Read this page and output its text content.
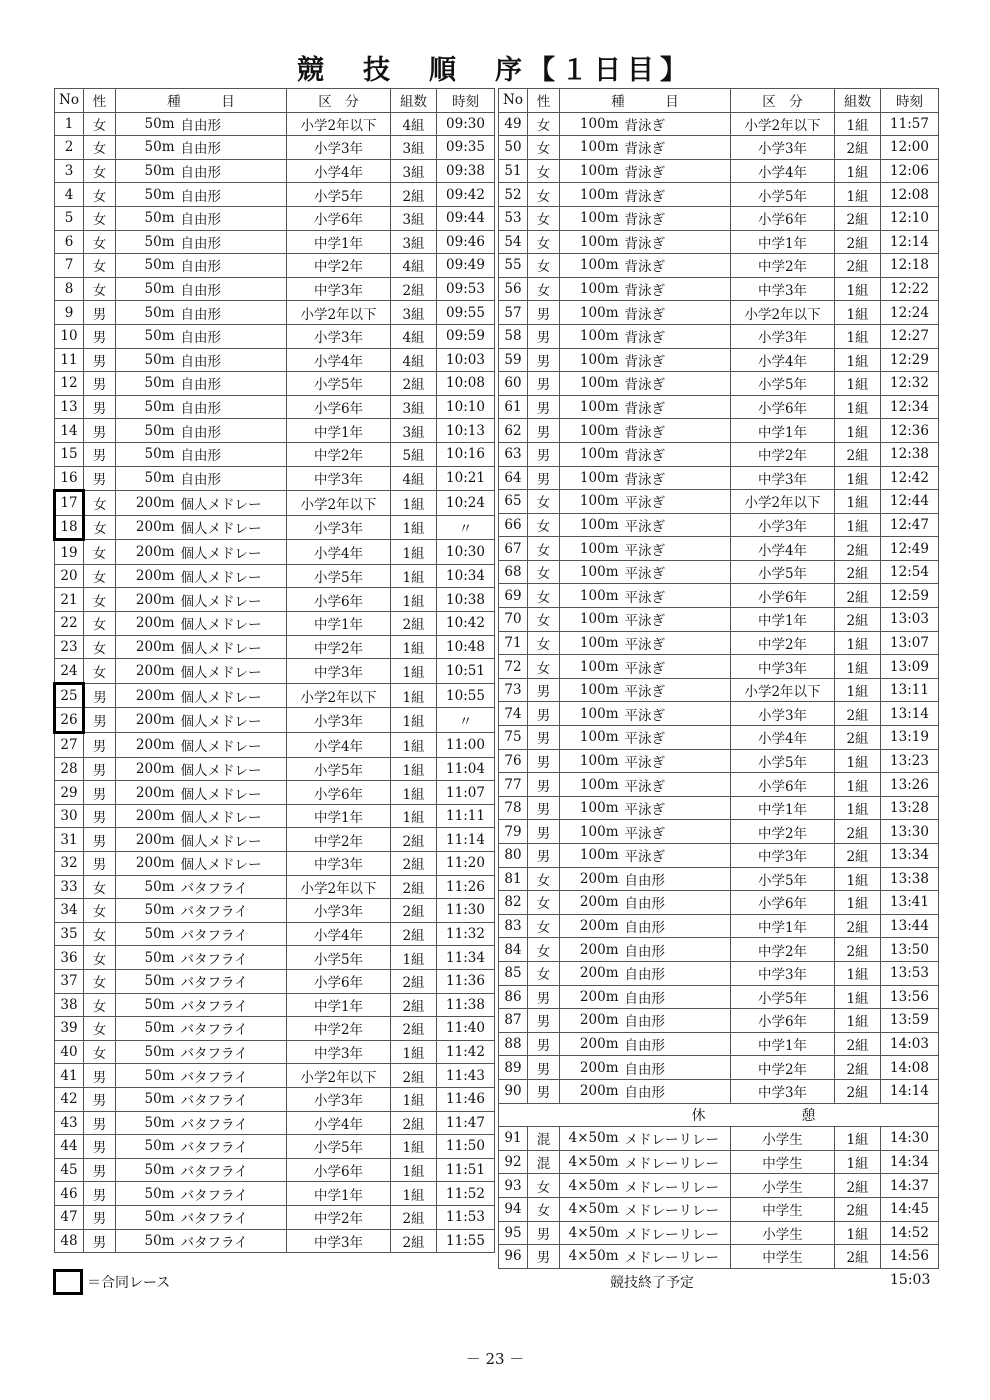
競　技　順　序【１日目】
No	性	種　　　目		区　分	組数	時刻
1	女	50m	自由形	小学2年以下	4組	09:30
2	女	50m	自由形	小学3年	3組	09:35
3	女	50m	自由形	小学4年	3組	09:38
4	女	50m	自由形	小学5年	2組	09:42
5	女	50m	自由形	小学6年	3組	09:44
6	女	50m	自由形	中学1年	3組	09:46
7	女	50m	自由形	中学2年	4組	09:49
8	女	50m	自由形	中学3年	2組	09:53
9	男	50m	自由形	小学2年以下	3組	09:55
10	男	50m	自由形	小学3年	4組	09:59
11	男	50m	自由形	小学4年	4組	10:03
12	男	50m	自由形	小学5年	2組	10:08
13	男	50m	自由形	小学6年	3組	10:10
14	男	50m	自由形	中学1年	3組	10:13
15	男	50m	自由形	中学2年	5組	10:16
16	男	50m	自由形	中学3年	4組	10:21
17	女	200m	個人メドレー	小学2年以下	1組	10:24
18	女	200m	個人メドレー	小学3年	1組	〃
19	女	200m	個人メドレー	小学4年	1組	10:30
20	女	200m	個人メドレー	小学5年	1組	10:34
21	女	200m	個人メドレー	小学6年	1組	10:38
22	女	200m	個人メドレー	中学1年	2組	10:42
23	女	200m	個人メドレー	中学2年	1組	10:48
24	女	200m	個人メドレー	中学3年	1組	10:51
25	男	200m	個人メドレー	小学2年以下	1組	10:55
26	男	200m	個人メドレー	小学3年	1組	〃
27	男	200m	個人メドレー	小学4年	1組	11:00
28	男	200m	個人メドレー	小学5年	1組	11:04
29	男	200m	個人メドレー	小学6年	1組	11:07
30	男	200m	個人メドレー	中学1年	1組	11:11
31	男	200m	個人メドレー	中学2年	2組	11:14
32	男	200m	個人メドレー	中学3年	2組	11:20
33	女	50m	バタフライ	小学2年以下	2組	11:26
34	女	50m	バタフライ	小学3年	2組	11:30
35	女	50m	バタフライ	小学4年	2組	11:32
36	女	50m	バタフライ	小学5年	1組	11:34
37	女	50m	バタフライ	小学6年	2組	11:36
38	女	50m	バタフライ	中学1年	2組	11:38
39	女	50m	バタフライ	中学2年	2組	11:40
40	女	50m	バタフライ	中学3年	1組	11:42
41	男	50m	バタフライ	小学2年以下	2組	11:43
42	男	50m	バタフライ	小学3年	1組	11:46
43	男	50m	バタフライ	小学4年	2組	11:47
44	男	50m	バタフライ	小学5年	1組	11:50
45	男	50m	バタフライ	小学6年	1組	11:51
46	男	50m	バタフライ	中学1年	1組	11:52
47	男	50m	バタフライ	中学2年	2組	11:53
48	男	50m	バタフライ	中学3年	2組	11:55
No	性	種　　　目		区　分	組数	時刻
49	女	100m	背泳ぎ	小学2年以下	1組	11:57
50	女	100m	背泳ぎ	小学3年	2組	12:00
51	女	100m	背泳ぎ	小学4年	1組	12:06
52	女	100m	背泳ぎ	小学5年	1組	12:08
53	女	100m	背泳ぎ	小学6年	2組	12:10
54	女	100m	背泳ぎ	中学1年	2組	12:14
55	女	100m	背泳ぎ	中学2年	2組	12:18
56	女	100m	背泳ぎ	中学3年	1組	12:22
57	男	100m	背泳ぎ	小学2年以下	1組	12:24
58	男	100m	背泳ぎ	小学3年	1組	12:27
59	男	100m	背泳ぎ	小学4年	1組	12:29
60	男	100m	背泳ぎ	小学5年	1組	12:32
61	男	100m	背泳ぎ	小学6年	1組	12:34
62	男	100m	背泳ぎ	中学1年	1組	12:36
63	男	100m	背泳ぎ	中学2年	2組	12:38
64	男	100m	背泳ぎ	中学3年	1組	12:42
65	女	100m	平泳ぎ	小学2年以下	1組	12:44
66	女	100m	平泳ぎ	小学3年	1組	12:47
67	女	100m	平泳ぎ	小学4年	2組	12:49
68	女	100m	平泳ぎ	小学5年	2組	12:54
69	女	100m	平泳ぎ	小学6年	2組	12:59
70	女	100m	平泳ぎ	中学1年	2組	13:03
71	女	100m	平泳ぎ	中学2年	1組	13:07
72	女	100m	平泳ぎ	中学3年	1組	13:09
73	男	100m	平泳ぎ	小学2年以下	1組	13:11
74	男	100m	平泳ぎ	小学3年	2組	13:14
75	男	100m	平泳ぎ	小学4年	2組	13:19
76	男	100m	平泳ぎ	小学5年	1組	13:23
77	男	100m	平泳ぎ	小学6年	1組	13:26
78	男	100m	平泳ぎ	中学1年	1組	13:28
79	男	100m	平泳ぎ	中学2年	2組	13:30
80	男	100m	平泳ぎ	中学3年	2組	13:34
81	女	200m	自由形	小学5年	1組	13:38
82	女	200m	自由形	小学6年	1組	13:41
83	女	200m	自由形	中学1年	2組	13:44
84	女	200m	自由形	中学2年	2組	13:50
85	女	200m	自由形	中学3年	1組	13:53
86	男	200m	自由形	小学5年	1組	13:56
87	男	200m	自由形	小学6年	1組	13:59
88	男	200m	自由形	中学1年	2組	14:03
89	男	200m	自由形	中学2年	2組	14:08
90	男	200m	自由形	中学3年	2組	14:14
休 憩						
91	混	4×50m	メドレーリレー	小学生	1組	14:30
92	混	4×50m	メドレーリレー	中学生	1組	14:34
93	女	4×50m	メドレーリレー	小学生	2組	14:37
94	女	4×50m	メドレーリレー	中学生	2組	14:45
95	男	4×50m	メドレーリレー	小学生	1組	14:52
96	男	4×50m	メドレーリレー	中学生	2組	14:56
＝合同レース	競技終了予定	15:03
－ 23 －
